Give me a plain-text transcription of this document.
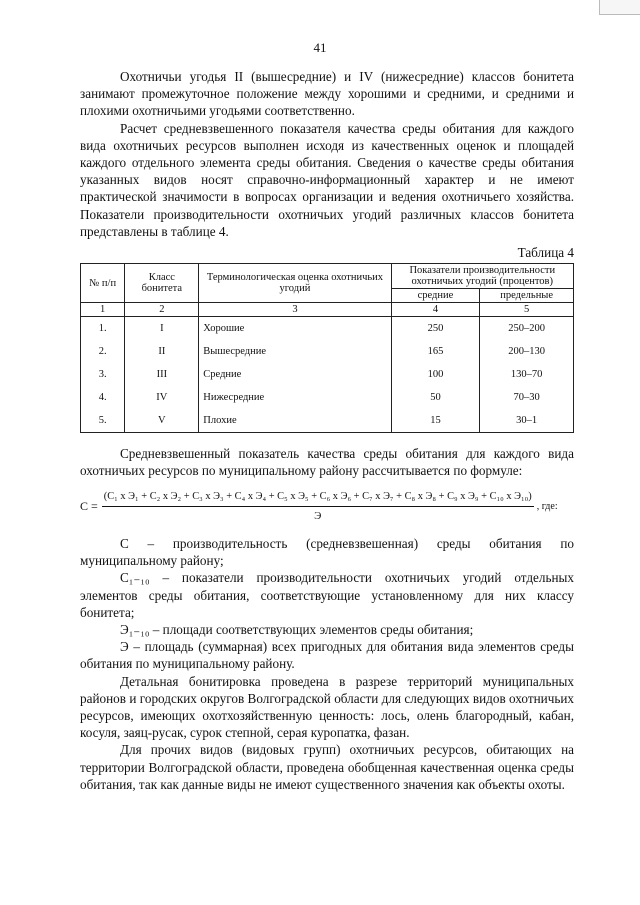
41

Охотничьи угодья II (вышесредние) и IV (нижесредние) классов бонитета занимают промежуточное положение между хорошими и средними, и средними и плохими охотничьими угодьями соответственно.

Расчет средневзвешенного показателя качества среды обитания для каждого вида охотничьих ресурсов выполнен исходя из качественных оценок и площадей каждого отдельного элемента среды обитания. Сведения о качестве среды обитания указанных видов носят справочно-информационный характер и не имеют практической значимости в вопросах организации и ведения охотничьего хозяйства. Показатели производительности охотничьих угодий различных классов бонитета представлены в таблице 4.

Таблица 4
№ п/п	Класс бонитета	Терминологическая оценка охотничьих угодий	Показатели производительности охотничьих угодий (процентов)	
			средние	предельные
1	2	3	4	5
1.	I	Хорошие	250	250–200
2.	II	Вышесредние	165	200–130
3.	III	Средние	100	130–70
4.	IV	Нижесредние	50	70–30
5.	V	Плохие	15	30–1

Средневзвешенный показатель качества среды обитания для каждого вида охотничьих ресурсов по муниципальному району рассчитывается по формуле:

С =
(С₁ х Э₁ + С₂ х Э₂ + С₃ х Э₃ + С₄ х Э₄ + С₅ х Э₅ + С₆ х Э₆ + С₇ х Э₇ + С₈ х Э₈ + С₉ х Э₉ + С₁₀ х Э₁₀)
Э
, где:

С – производительность (средневзвешенная) среды обитания по муниципальному району;

С₁₋₁₀ – показатели производительности охотничьих угодий отдельных элементов среды обитания, соответствующие установленному для них классу бонитета;

Э₁₋₁₀ – площади соответствующих элементов среды обитания;

Э – площадь (суммарная) всех пригодных для обитания вида элементов среды обитания по муниципальному району.

Детальная бонитировка проведена в разрезе территорий муниципальных районов и городских округов Волгоградской области для следующих видов охотничьих ресурсов, имеющих охотхозяйственную ценность: лось, олень благородный, кабан, косуля, заяц-русак, сурок степной, серая куропатка, фазан.

Для прочих видов (видовых групп) охотничьих ресурсов, обитающих на территории Волгоградской области, проведена обобщенная качественная оценка среды обитания, так как данные виды не имеют существенного значения как объекты охоты.
